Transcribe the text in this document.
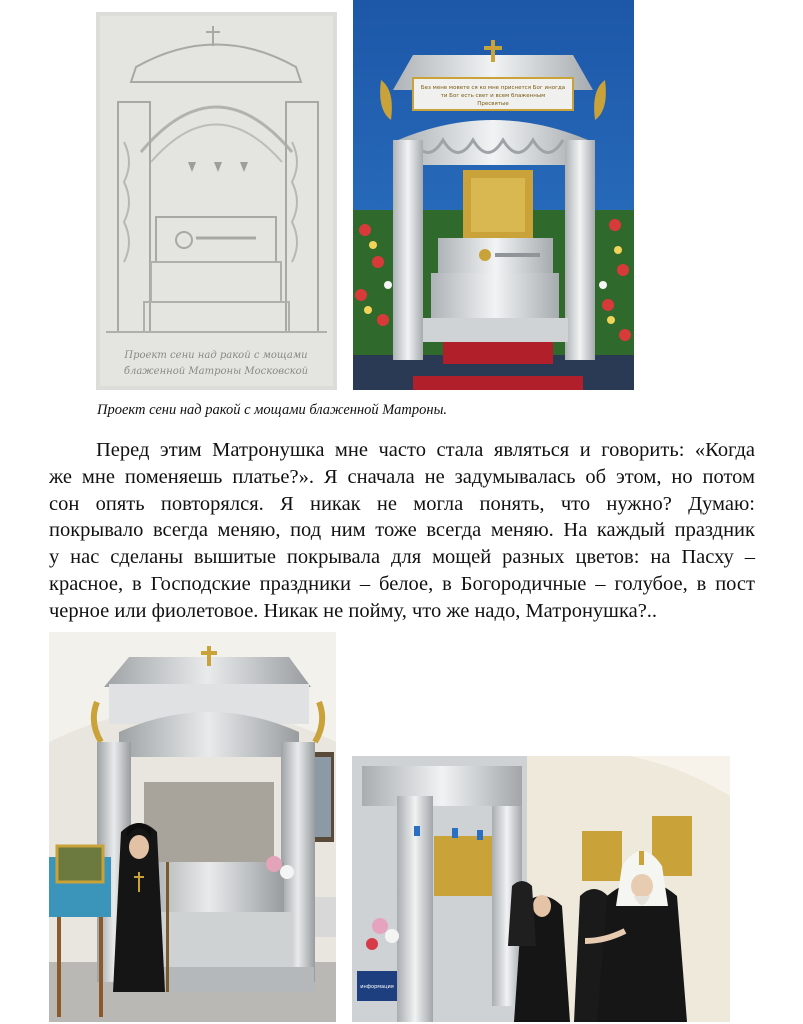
Проект сени над ракой с мощами
блаженной Матроны Московской
Без мене мовете ся ко мне приснется Бог иногда
ти Бог есть свет и всем блаженным
Пресвятые
Проект сени над ракой с мощами блаженной Матроны.
Перед этим Матронушка мне часто стала являться и говорить: «Когда
же мне поменяешь платье?». Я сначала не задумывалась об этом, но потом
сон опять повторялся. Я никак не могла понять, что нужно? Думаю:
покрывало всегда меняю, под ним тоже всегда меняю. На каждый праздник
у нас сделаны вышитые покрывала для мощей разных цветов: на Пасху –
красное, в Господские праздники – белое, в Богородичные – голубое, в пост
черное или фиолетовое. Никак не пойму, что же надо, Матронушка?..
информация
